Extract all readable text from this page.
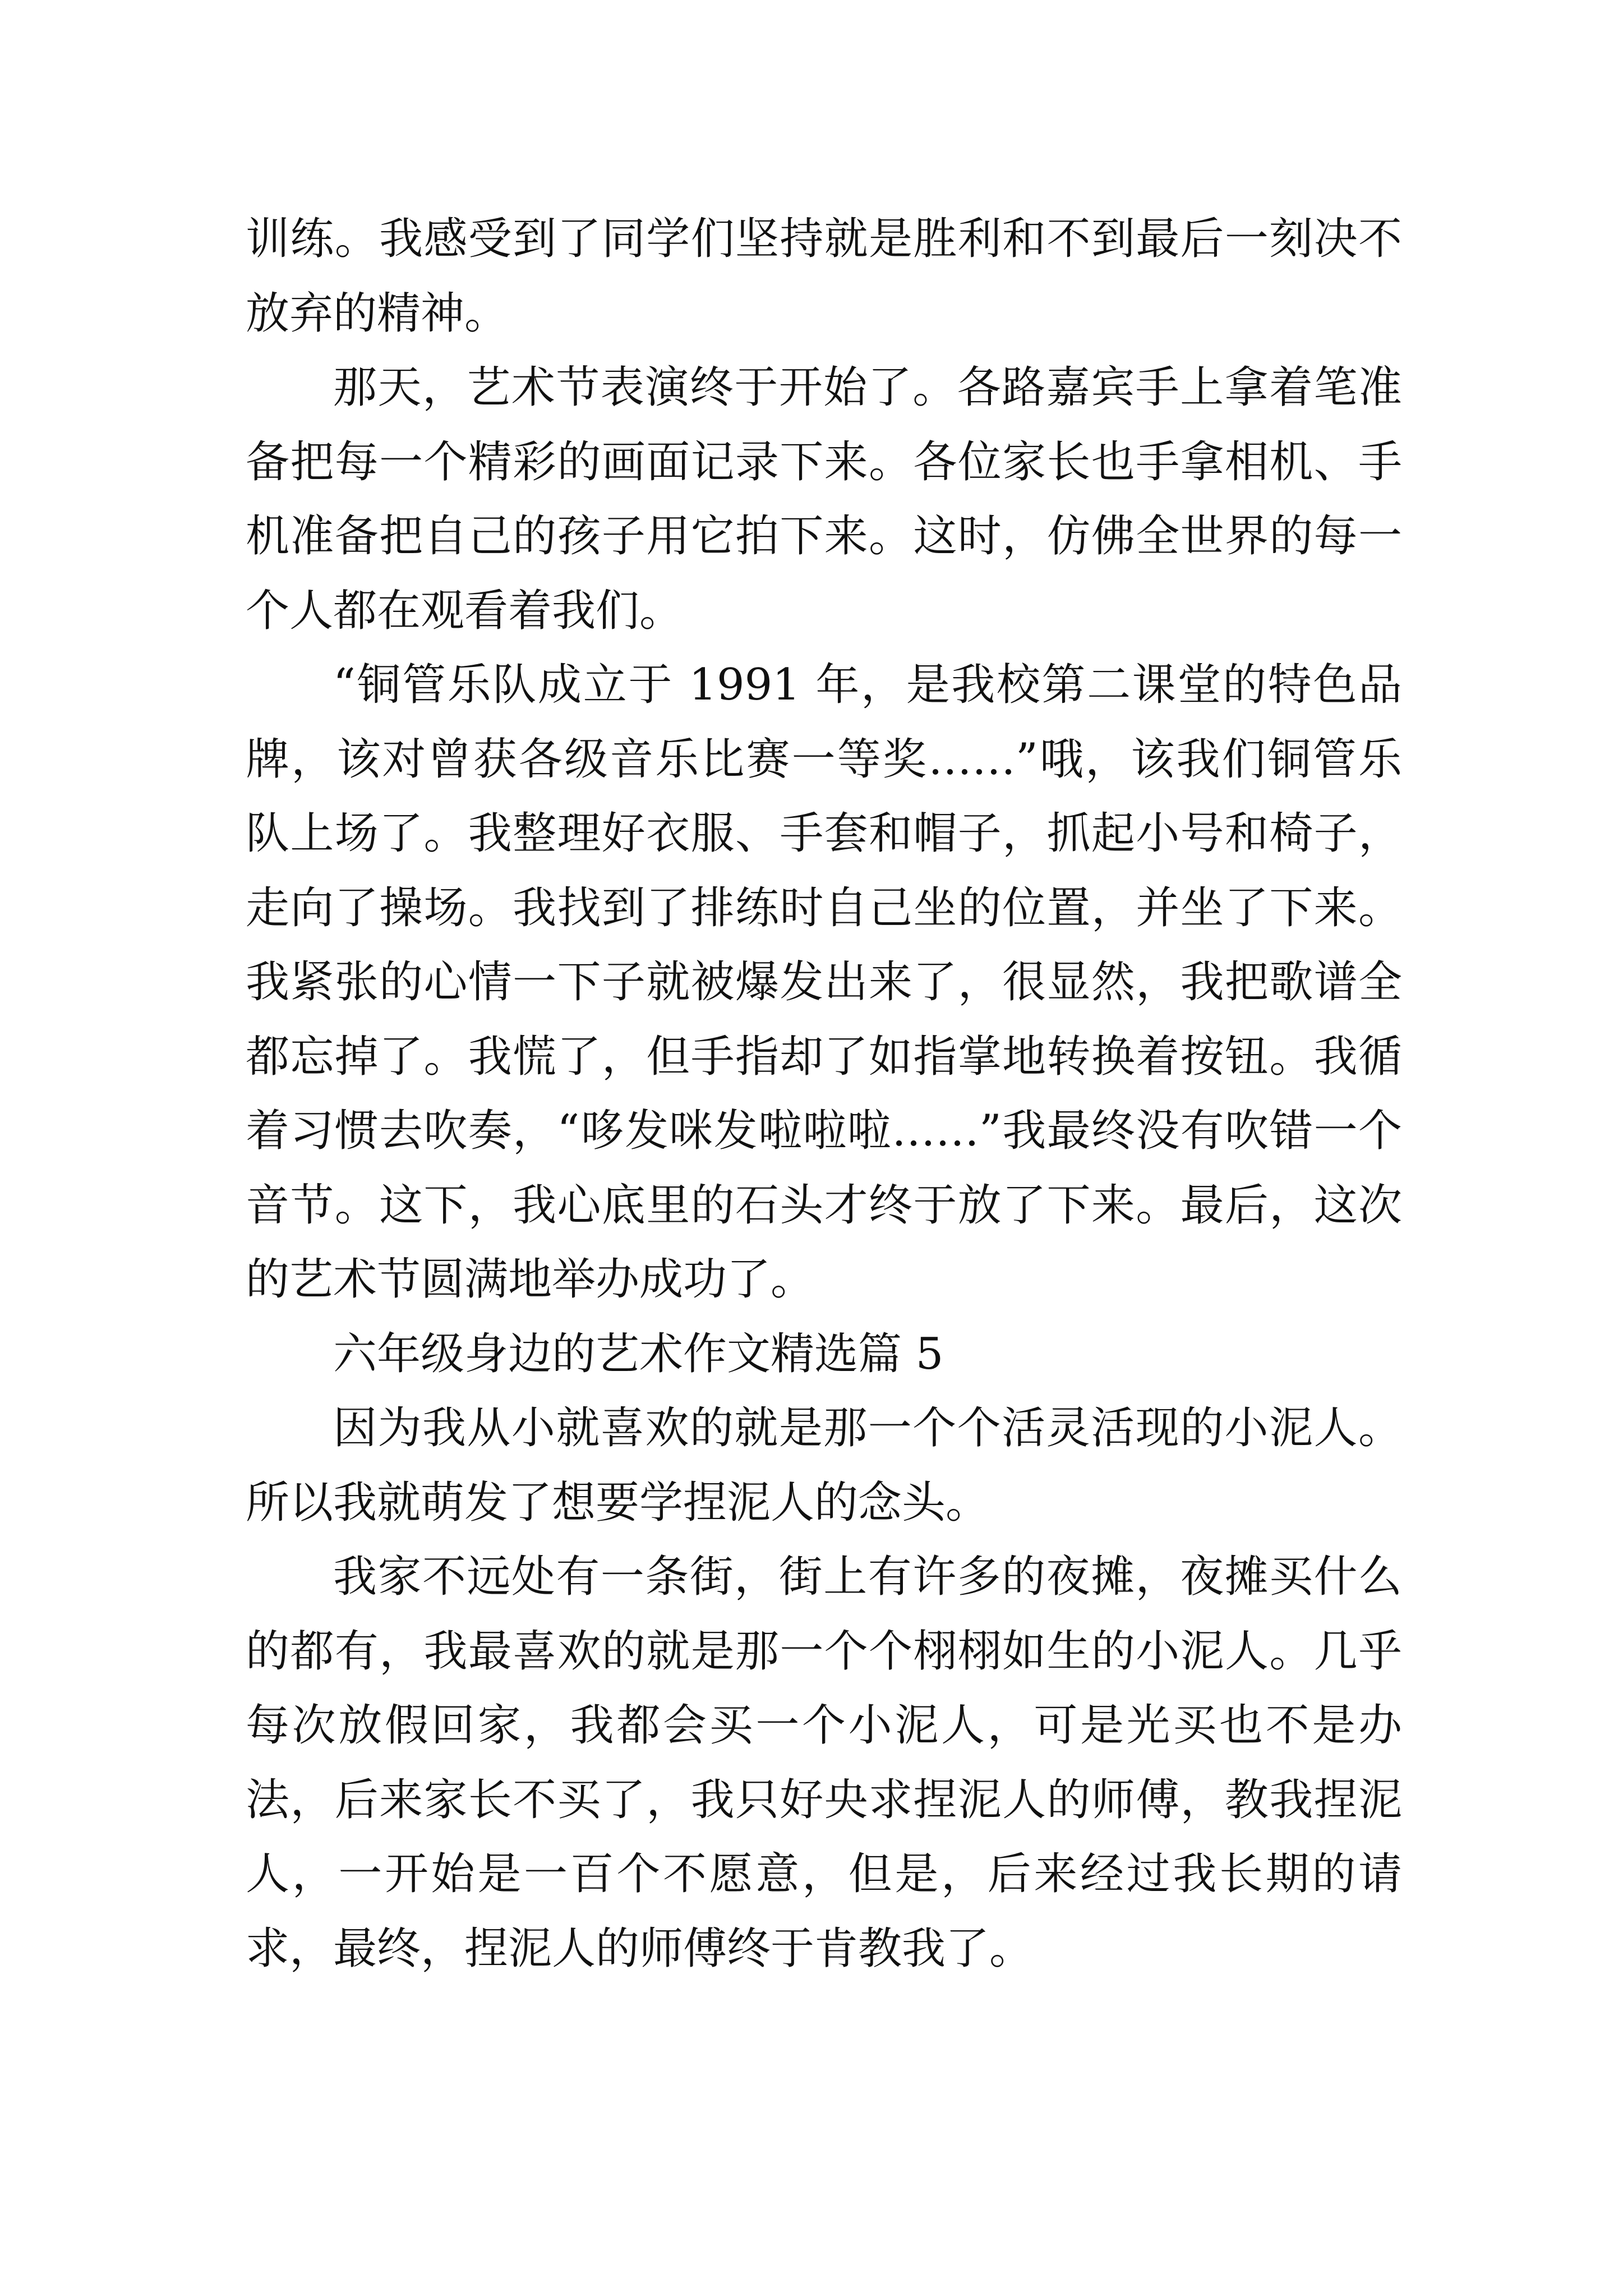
训练。我感受到了同学们坚持就是胜利和不到最后一刻决不放弃的精神。

那天，艺术节表演终于开始了。各路嘉宾手上拿着笔准备把每一个精彩的画面记录下来。各位家长也手拿相机、手机准备把自己的孩子用它拍下来。这时，仿佛全世界的每一个人都在观看着我们。

“铜管乐队成立于 1991 年，是我校第二课堂的特色品牌，该对曾获各级音乐比赛一等奖……”哦，该我们铜管乐队上场了。我整理好衣服、手套和帽子，抓起小号和椅子，走向了操场。我找到了排练时自己坐的位置，并坐了下来。我紧张的心情一下子就被爆发出来了，很显然，我把歌谱全都忘掉了。我慌了，但手指却了如指掌地转换着按钮。我循着习惯去吹奏，“哆发咪发啦啦啦……”我最终没有吹错一个音节。这下，我心底里的石头才终于放了下来。最后，这次的艺术节圆满地举办成功了。

六年级身边的艺术作文精选篇 5

因为我从小就喜欢的就是那一个个活灵活现的小泥人。所以我就萌发了想要学捏泥人的念头。

我家不远处有一条街，街上有许多的夜摊，夜摊买什么的都有，我最喜欢的就是那一个个栩栩如生的小泥人。几乎每次放假回家，我都会买一个小泥人，可是光买也不是办法，后来家长不买了，我只好央求捏泥人的师傅，教我捏泥人，一开始是一百个不愿意，但是，后来经过我长期的请求，最终，捏泥人的师傅终于肯教我了。
